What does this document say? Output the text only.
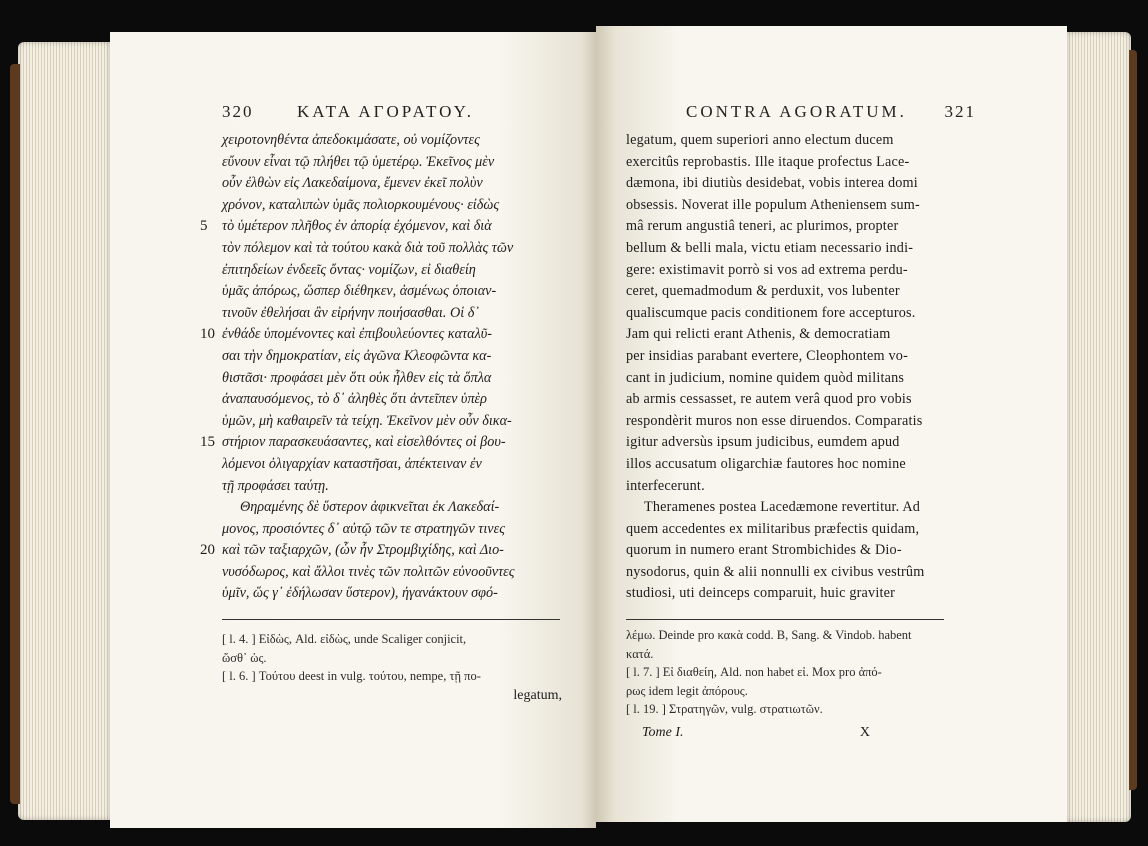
320	ΚΑΤΑ ΑΓΟΡΑΤΟΥ.
χειροτονηθέντα ἀπεδοκιμάσατε, οὐ νομίζοντες
εὔνουν εἶναι τῷ πλήθει τῷ ὑμετέρῳ. Ἐκεῖνος μὲν
οὖν ἐλθὼν εἰς Λακεδαίμονα, ἔμενεν ἐκεῖ πολὺν
χρόνον, καταλιπὼν ὑμᾶς πολιορκουμένους· εἰδὼς
5 τὸ ὑμέτερον πλῆθος ἐν ἀπορίᾳ ἐχόμενον, καὶ διὰ
τὸν πόλεμον καὶ τὰ τούτου κακὰ διὰ τοῦ πολλὰς τῶν
ἐπιτηδείων ἐνδεεῖς ὄντας· νομίζων, εἰ διαθείη
ὑμᾶς ἀπόρως, ὥσπερ διέθηκεν, ἀσμένως ὁποιαν-
τινοῦν ἐθελήσαι ἂν εἰρήνην ποιήσασθαι. Οἱ δ᾽
10 ἐνθάδε ὑπομένοντες καὶ ἐπιβουλεύοντες καταλῦ-
σαι τὴν δημοκρατίαν, εἰς ἀγῶνα Κλεοφῶντα κα-
θιστᾶσι· προφάσει μὲν ὅτι οὐκ ἦλθεν εἰς τὰ ὅπλα
ἀναπαυσόμενος, τὸ δ᾽ ἀληθὲς ὅτι ἀντεῖπεν ὑπὲρ
ὑμῶν, μὴ καθαιρεῖν τὰ τείχη. Ἐκεῖνον μὲν οὖν δικα-
15 στήριον παρασκευάσαντες, καὶ εἰσελθόντες οἱ βου-
λόμενοι ὀλιγαρχίαν καταστῆσαι, ἀπέκτειναν ἐν
τῇ προφάσει ταύτῃ.
Θηραμένης δὲ ὕστερον ἀφικνεῖται ἐκ Λακεδαί-
μονος, προσιόντες δ᾽ αὐτῷ τῶν τε στρατηγῶν τινες
20 καὶ τῶν ταξιαρχῶν, (ὧν ἦν Στρομβιχίδης, καὶ Διο-
νυσόδωρος, καὶ ἄλλοι τινὲς τῶν πολιτῶν εὐνοοῦντες
ὑμῖν, ὥς γ᾽ ἐδήλωσαν ὕστερον), ἠγανάκτουν σφό-
[ l. 4. ] Εἰδὼς, Ald. εἰδὼς, unde Scaliger conjicit,
ὥσθ᾽ ὡς.
[ l. 6. ] Τούτου deest in vulg. τούτου, nempe, τῇ πο-
legatum,
CONTRA AGORATUM. 321
legatum, quem superiori anno electum ducem
exercitûs reprobastis. Ille itaque profectus Lace-
dæmona, ibi diutiùs desidebat, vobis interea domi
obsessis. Noverat ille populum Atheniensem sum-
mâ rerum angustiâ teneri, ac plurimos, propter
bellum & belli mala, victu etiam necessario indi-
gere: existimavit porrò si vos ad extrema perdu-
ceret, quemadmodum & perduxit, vos lubenter
qualiscumque pacis conditionem fore accepturos.
Jam qui relicti erant Athenis, & democratiam
per insidias parabant evertere, Cleophontem vo-
cant in judicium, nomine quidem quòd militans
ab armis cessasset, re autem verâ quod pro vobis
respondèrit muros non esse diruendos. Comparatis
igitur adversùs ipsum judicibus, eumdem apud
illos accusatum oligarchiæ fautores hoc nomine
interfecerunt.
Theramenes postea Lacedæmone revertitur. Ad
quem accedentes ex militaribus præfectis quidam,
quorum in numero erant Strombichides & Dio-
nysodorus, quin & alii nonnulli ex civibus vestrûm
studiosi, uti deinceps comparuit, huic graviter
λέμω. Deinde pro κακὰ codd. B, Sang. & Vindob. habent
κατά.
[ l. 7. ] Εἰ διαθείη, Ald. non habet εἰ. Mox pro ἀπό-
ρως idem legit ἀπόρους.
[ l. 19. ] Στρατηγῶν, vulg. στρατιωτῶν.
Tome I.	X
